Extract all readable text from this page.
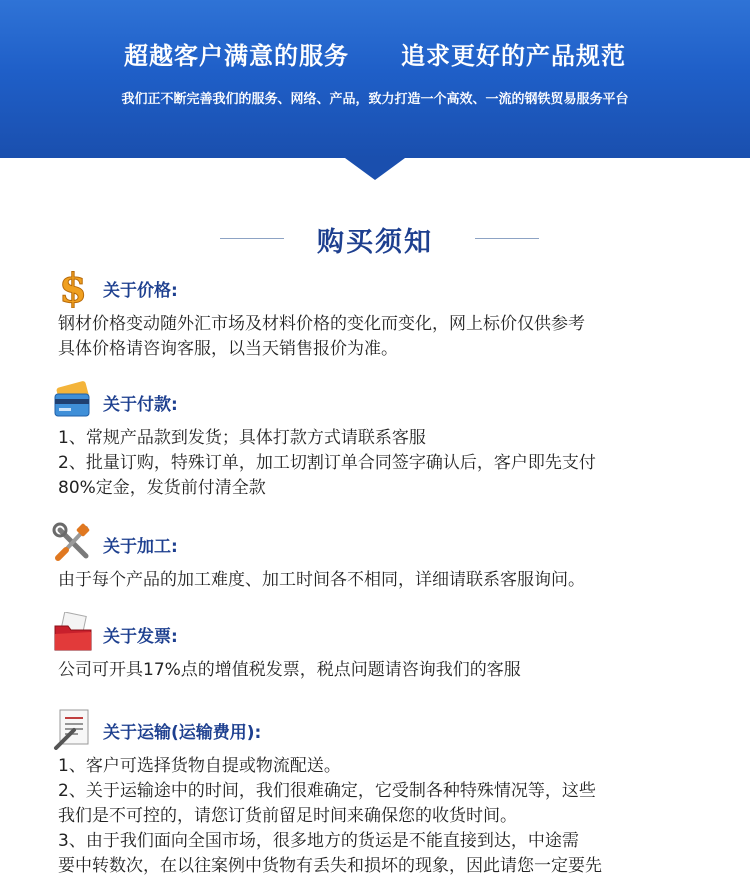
超越客户满意的服务 追求更好的产品规范
我们正不断完善我们的服务、网络、产品，致力打造一个高效、一流的钢铁贸易服务平台
购买须知
$ 关于价格:
钢材价格变动随外汇市场及材料价格的变化而变化，网上标价仅供参考
具体价格请咨询客服，以当天销售报价为准。
关于付款:
1、常规产品款到发货；具体打款方式请联系客服
2、批量订购，特殊订单，加工切割订单合同签字确认后，客户即先支付
80%定金，发货前付清全款
关于加工:
由于每个产品的加工难度、加工时间各不相同，详细请联系客服询问。
关于发票:
公司可开具17%点的增值税发票，税点问题请咨询我们的客服
关于运输(运输费用):
1、客户可选择货物自提或物流配送。
2、关于运输途中的时间，我们很难确定，它受制各种特殊情况等，这些
我们是不可控的，请您订货前留足时间来确保您的收货时间。
3、由于我们面向全国市场，很多地方的货运是不能直接到达，中途需
要中转数次，在以往案例中货物有丢失和损坏的现象，因此请您一定要先
